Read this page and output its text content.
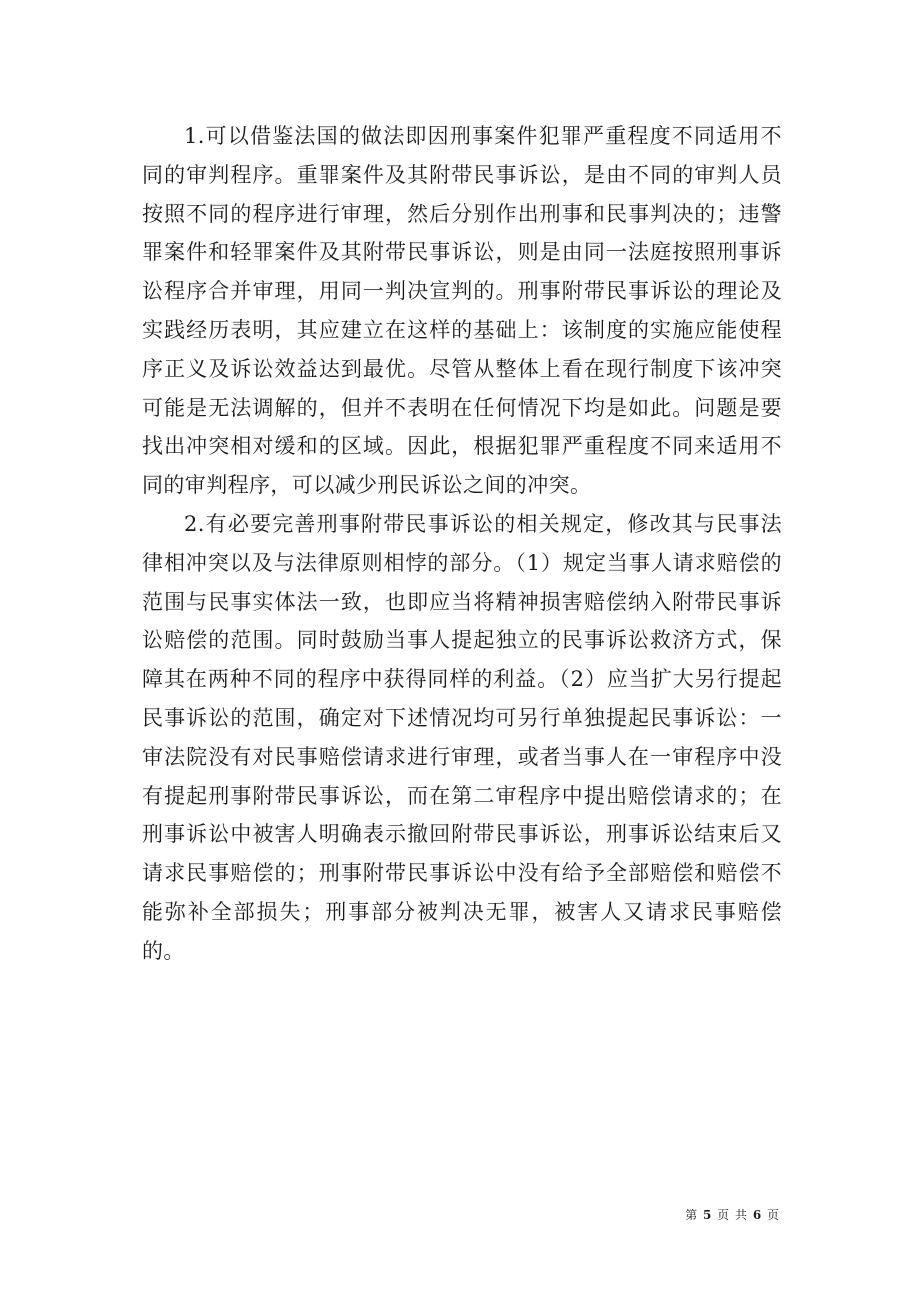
1.可以借鉴法国的做法即因刑事案件犯罪严重程度不同适用不同的审判程序。重罪案件及其附带民事诉讼，是由不同的审判人员按照不同的程序进行审理，然后分别作出刑事和民事判决的；违警罪案件和轻罪案件及其附带民事诉讼，则是由同一法庭按照刑事诉讼程序合并审理，用同一判决宣判的。刑事附带民事诉讼的理论及实践经历表明，其应建立在这样的基础上：该制度的实施应能使程序正义及诉讼效益达到最优。尽管从整体上看在现行制度下该冲突可能是无法调解的，但并不表明在任何情况下均是如此。问题是要找出冲突相对缓和的区域。因此，根据犯罪严重程度不同来适用不同的审判程序，可以减少刑民诉讼之间的冲突。

2.有必要完善刑事附带民事诉讼的相关规定，修改其与民事法律相冲突以及与法律原则相悖的部分。（1）规定当事人请求赔偿的范围与民事实体法一致，也即应当将精神损害赔偿纳入附带民事诉讼赔偿的范围。同时鼓励当事人提起独立的民事诉讼救济方式，保障其在两种不同的程序中获得同样的利益。（2）应当扩大另行提起民事诉讼的范围，确定对下述情况均可另行单独提起民事诉讼：一审法院没有对民事赔偿请求进行审理，或者当事人在一审程序中没有提起刑事附带民事诉讼，而在第二审程序中提出赔偿请求的；在刑事诉讼中被害人明确表示撤回附带民事诉讼，刑事诉讼结束后又请求民事赔偿的；刑事附带民事诉讼中没有给予全部赔偿和赔偿不能弥补全部损失；刑事部分被判决无罪，被害人又请求民事赔偿的。

第 5 页 共 6 页
